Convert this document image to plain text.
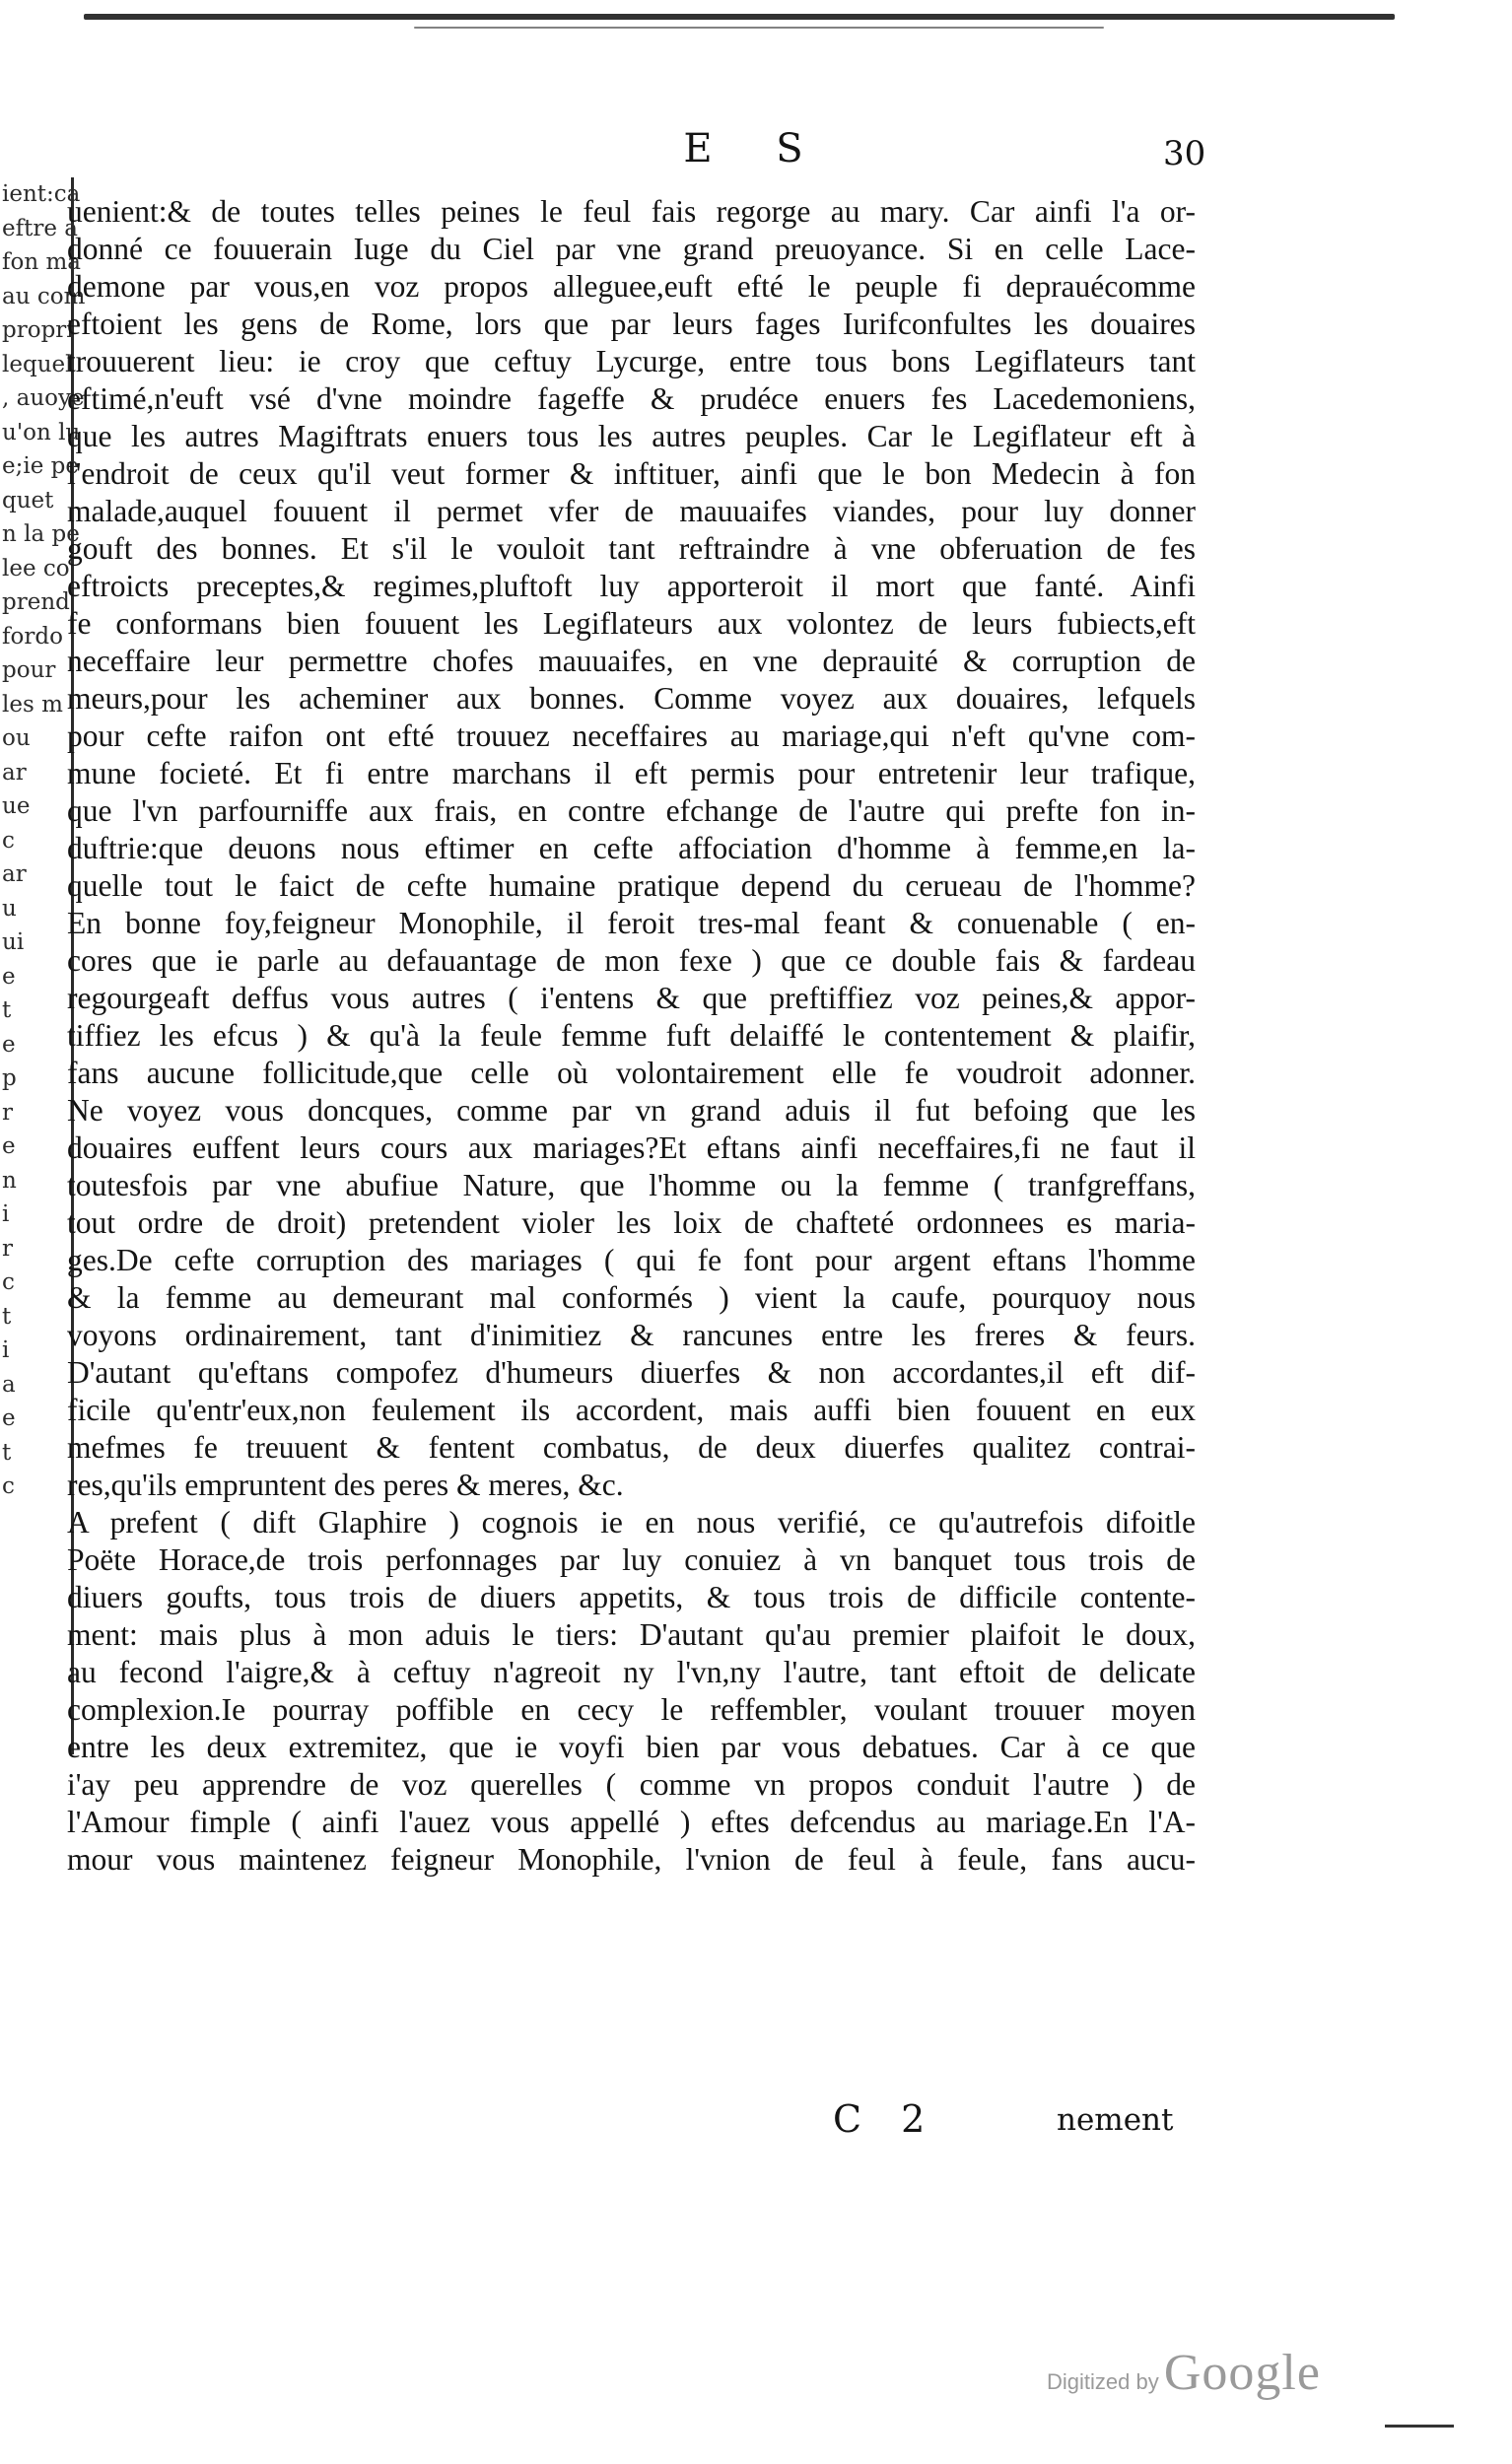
E S	30
ient:ca
eftre a
fon ma
au com
propri
lequel
, auoye
u'on lu
e;ie pe
quet
n la pe
lee co
prend
fordo
pour
les m
ou
ar
ue
c
ar
u
ui
e
t
e
p
r
e
n
i
r
c
t
i
a
e
t
c
uenient:& de toutes telles peines le feul fais regorge au mary. Car ainfi l'a or-
donné ce fouuerain Iuge du Ciel par vne grand preuoyance. Si en celle Lace-
demone par vous,en voz propos alleguee,euft efté le peuple fi deprauécomme
eftoient les gens de Rome, lors que par leurs fages Iurifconfultes les douaires
trouuerent lieu: ie croy que ceftuy Lycurge, entre tous bons Legiflateurs tant
eftimé,n'euft vsé d'vne moindre fageffe & prudéce enuers fes Lacedemoniens,
que les autres Magiftrats enuers tous les autres peuples. Car le Legiflateur eft à
l'endroit de ceux qu'il veut former & inftituer, ainfi que le bon Medecin à fon
malade,auquel fouuent il permet vfer de mauuaifes viandes, pour luy donner
gouft des bonnes. Et s'il le vouloit tant reftraindre à vne obferuation de fes
eftroicts preceptes,& regimes,pluftoft luy apporteroit il mort que fanté. Ainfi
fe conformans bien fouuent les Legiflateurs aux volontez de leurs fubiects,eft
neceffaire leur permettre chofes mauuaifes, en vne deprauité & corruption de
meurs,pour les acheminer aux bonnes. Comme voyez aux douaires, lefquels
pour cefte raifon ont efté trouuez neceffaires au mariage,qui n'eft qu'vne com-
mune focieté. Et fi entre marchans il eft permis pour entretenir leur trafique,
que l'vn parfourniffe aux frais, en contre efchange de l'autre qui prefte fon in-
duftrie:que deuons nous eftimer en cefte affociation d'homme à femme,en la-
quelle tout le faict de cefte humaine pratique depend du cerueau de l'homme?
En bonne foy,feigneur Monophile, il feroit tres-mal feant & conuenable ( en-
cores que ie parle au defauantage de mon fexe ) que ce double fais & fardeau
regourgeaft deffus vous autres ( i'entens & que preftiffiez voz peines,& appor-
tiffiez les efcus ) & qu'à la feule femme fuft delaiffé le contentement & plaifir,
fans aucune follicitude,que celle où volontairement elle fe voudroit adonner.
Ne voyez vous doncques, comme par vn grand aduis il fut befoing que les
douaires euffent leurs cours aux mariages?Et eftans ainfi neceffaires,fi ne faut il
toutesfois par vne abufiue Nature, que l'homme ou la femme ( tranfgreffans,
tout ordre de droit) pretendent violer les loix de chafteté ordonnees es maria-
ges.De cefte corruption des mariages ( qui fe font pour argent eftans l'homme
& la femme au demeurant mal conformés ) vient la caufe, pourquoy nous
voyons ordinairement, tant d'inimitiez & rancunes entre les freres & feurs.
D'autant qu'eftans compofez d'humeurs diuerfes & non accordantes,il eft dif-
ficile qu'entr'eux,non feulement ils accordent, mais auffi bien fouuent en eux
mefmes fe treuuent & fentent combatus, de deux diuerfes qualitez contrai-
res,qu'ils empruntent des peres & meres, &c.
A prefent ( dift Glaphire ) cognois ie en nous verifié, ce qu'autrefois difoitle
Poëte Horace,de trois perfonnages par luy conuiez à vn banquet tous trois de
diuers goufts, tous trois de diuers appetits, & tous trois de difficile contente-
ment: mais plus à mon aduis le tiers: D'autant qu'au premier plaifoit le doux,
au fecond l'aigre,& à ceftuy n'agreoit ny l'vn,ny l'autre, tant eftoit de delicate
complexion.Ie pourray poffible en cecy le reffembler, voulant trouuer moyen
entre les deux extremitez, que ie voyfi bien par vous debatues. Car à ce que
i'ay peu apprendre de voz querelles ( comme vn propos conduit l'autre ) de
l'Amour fimple ( ainfi l'auez vous appellé ) eftes defcendus au mariage.En l'A-
mour vous maintenez feigneur Monophile, l'vnion de feul à feule, fans aucu-
C 2	nement
Digitized by Google
